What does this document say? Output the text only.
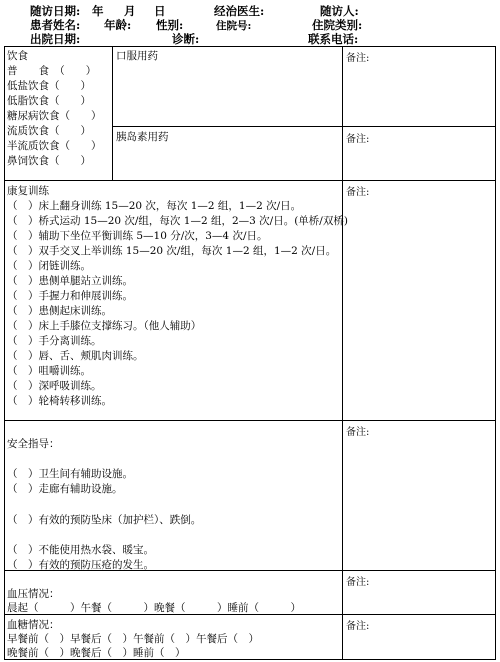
随访日期: 年 月 日	经治医生:	随访人:
患者姓名: 年龄: 性别:	住院号:	住院类别:
出院日期:	诊断:	联系电话:
饮食
普　　食　（　　）
低盐饮食（　　）
低脂饮食（　　）
糖尿病饮食（　　）
流质饮食（　　）
半流质饮食（　　）
鼻饲饮食（　　）
口服用药	备注:
胰岛素用药	备注:
康复训练	备注:
（　）床上翻身训练 15—20 次，每次 1—2 组，1—2 次/日。
（　）桥式运动 15—20 次/组，每次 1—2 组，2—3 次/日。(单桥/双桥)
（　）辅助下坐位平衡训练 5—10 分/次，3—4 次/日。
（　）双手交叉上举训练 15—20 次/组，每次 1—2 组，1—2 次/日。
（　）闭链训练。
（　）患侧单腿站立训练。
（　）手握力和伸展训练。
（　）患侧起床训练。
（　）床上手膝位支撑练习。（他人辅助）
（　）手分离训练。
（　）唇、舌、颊肌肉训练。
（　）咀嚼训练。
（　）深呼吸训练。
（　）轮椅转移训练。
备注:
安全指导：
（　）卫生间有辅助设施。
（　）走廊有辅助设施。
（　）有效的预防坠床（加护栏）、跌倒。
（　）不能使用热水袋、暖宝。
（　）有效的预防压疮的发生。
备注:
血压情况：
晨起（　　　）午餐（　　　）晚餐（　　　）睡前（　　　）
血糖情况：	备注:
早餐前（　）早餐后（　）午餐前（　）午餐后（　）
晚餐前（　）晚餐后（　）睡前（　）
